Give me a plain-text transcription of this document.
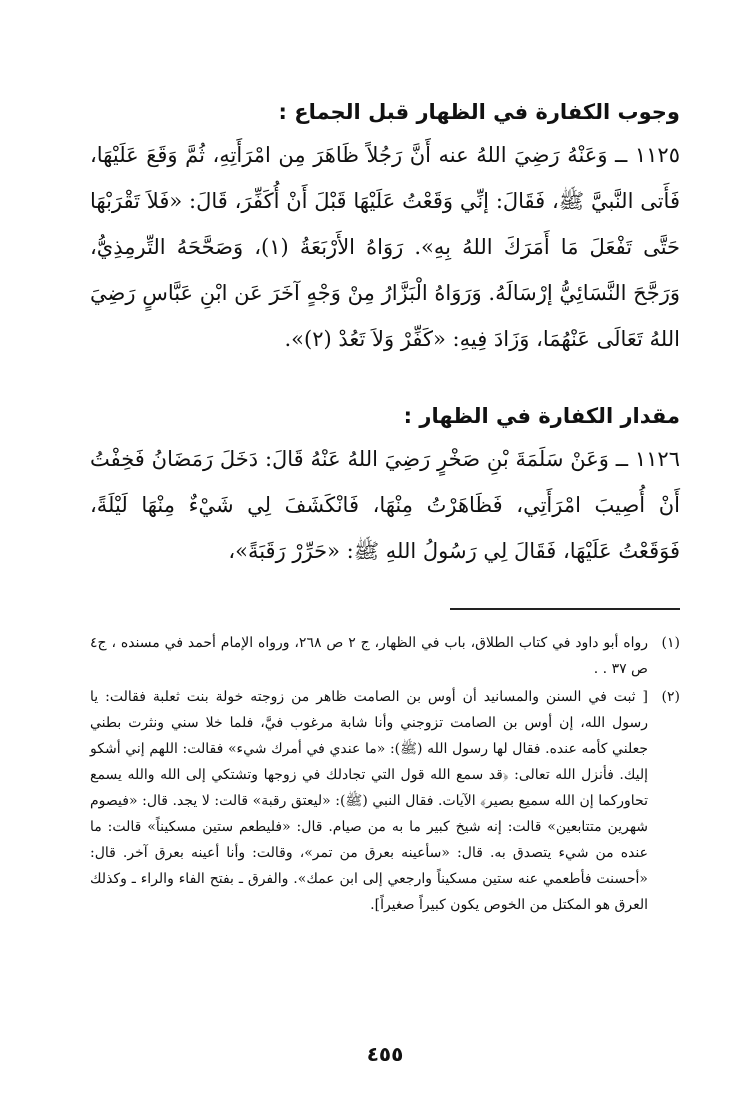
وجوب الكفارة في الظهار قبل الجماع :

١١٢٥ ــ وَعَنْهُ رَضِيَ اللهُ عنه أَنَّ رَجُلاً ظَاهَرَ مِن امْرَأَتِهِ، ثُمَّ وَقَعَ عَلَيْهَا، فَأَتى النَّبيَّ ﷺ، فَقَالَ: إنِّي وَقَعْتُ عَلَيْهَا قَبْلَ أَنْ أُكَفِّرَ، قَالَ: «فَلاَ تَقْرَبْهَا حَتَّى تَفْعَلَ مَا أَمَرَكَ اللهُ بِهِ». رَوَاهُ الأَرْبَعَةُ (١)، وَصَحَّحَهُ التِّرمِذِيُّ، وَرَجَّحَ النَّسَائِيُّ إرْسَالَهُ. وَرَوَاهُ الْبَزَّارُ مِنْ وَجْهٍ آخَرَ عَن ابْنِ عَبَّاسٍ رَضِيَ اللهُ تَعَالَى عَنْهُمَا، وَزَادَ فِيهِ: «كَفِّرْ وَلاَ تَعُدْ (٢)».

مقدار الكفارة في الظهار :

١١٢٦ ــ وَعَنْ سَلَمَةَ بْنِ صَخْرٍ رَضِيَ اللهُ عَنْهُ قَالَ: دَخَلَ رَمَضَانُ فَخِفْتُ أَنْ أُصِيبَ امْرَأَتِي، فَظَاهَرْتُ مِنْهَا، فَانْكَشَفَ لِي شَيْءٌ مِنْهَا لَيْلَةً، فَوَقَعْتُ عَلَيْهَا، فَقَالَ لِي رَسُولُ اللهِ ﷺ: «حَرِّرْ رَقَبَةً»،

(١)
رواه أبو داود في كتاب الطلاق، باب في الظهار، ج ٢ ص ٢٦٨، ورواه الإمام أحمد في مسنده ، ج٤ ص ٣٧ . .
(٢)
[ ثبت في السنن والمسانيد أن أوس بن الصامت ظاهر من زوجته خولة بنت ثعلبة فقالت: يا رسول الله، إن أوس بن الصامت تزوجني وأنا شابة مرغوب فيَّ، فلما خلا سني ونثرت بطني جعلني كأمه عنده. فقال لها رسول الله (ﷺ): «ما عندي في أمرك شيء» فقالت: اللهم إني أشكو إليك. فأنزل الله تعالى: ﴿قد سمع الله قول التي تجادلك في زوجها وتشتكي إلى الله والله يسمع تحاوركما إن الله سميع بصير﴾ الآيات. فقال النبي (ﷺ): «ليعتق رقبة» قالت: لا يجد. قال: «فيصوم شهرين متتابعين» قالت: إنه شيخ كبير ما به من صيام. قال: «فليطعم ستين مسكيناً» قالت: ما عنده من شيء يتصدق به. قال: «سأعينه بعرق من تمر»، وقالت: وأنا أعينه بعرق آخر. قال: «أحسنت فأطعمي عنه ستين مسكيناً وارجعي إلى ابن عمك». والفرق ـ بفتح الفاء والراء ـ وكذلك العرق هو المكتل من الخوص يكون كبيراً صغيراً].
٤٥٥
